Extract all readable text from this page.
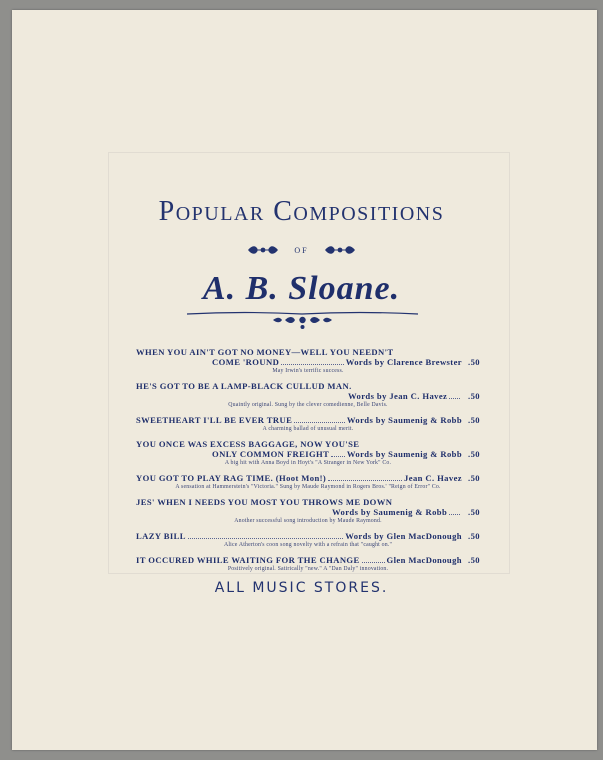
Popular Compositions
of
A. B. Sloane.
WHEN YOU AIN'T GOT NO MONEY—WELL YOU NEEDN'T
COME 'ROUND	Words by Clarence Brewster .50
May Irwin's terrific success.
HE'S GOT TO BE A LAMP-BLACK CULLUD MAN.
Words by Jean C. Havez	.50
Quaintly original. Sung by the clever comedienne, Belle Davis.
SWEETHEART I'LL BE EVER TRUE	Words by Saumenig & Robb .50
A charming ballad of unusual merit.
YOU ONCE WAS EXCESS BAGGAGE, NOW YOU'SE
ONLY COMMON FREIGHT Words by Saumenig & Robb .50
A big hit with Anna Boyd in Hoyt's "A Stranger in New York" Co.
YOU GOT TO PLAY RAG TIME. (Hoot Mon!)	Jean C. Havez .50
A sensation at Hammerstein's "Victoria." Sung by Maude Raymond in Rogers Bros.' "Reign of Error" Co.
JES' WHEN I NEEDS YOU MOST YOU THROWS ME DOWN
Words by Saumenig & Robb	.50
Another successful song introduction by Maude Raymond.
LAZY BILL	Words by Glen MacDonough .50
Alice Atherton's coon song novelty with a refrain that "caught on."
IT OCCURED WHILE WAITING FOR THE CHANGE	Glen MacDonough .50
Positively original. Satirically "new." A "Dan Daly" innovation.
ALL MUSIC STORES.
